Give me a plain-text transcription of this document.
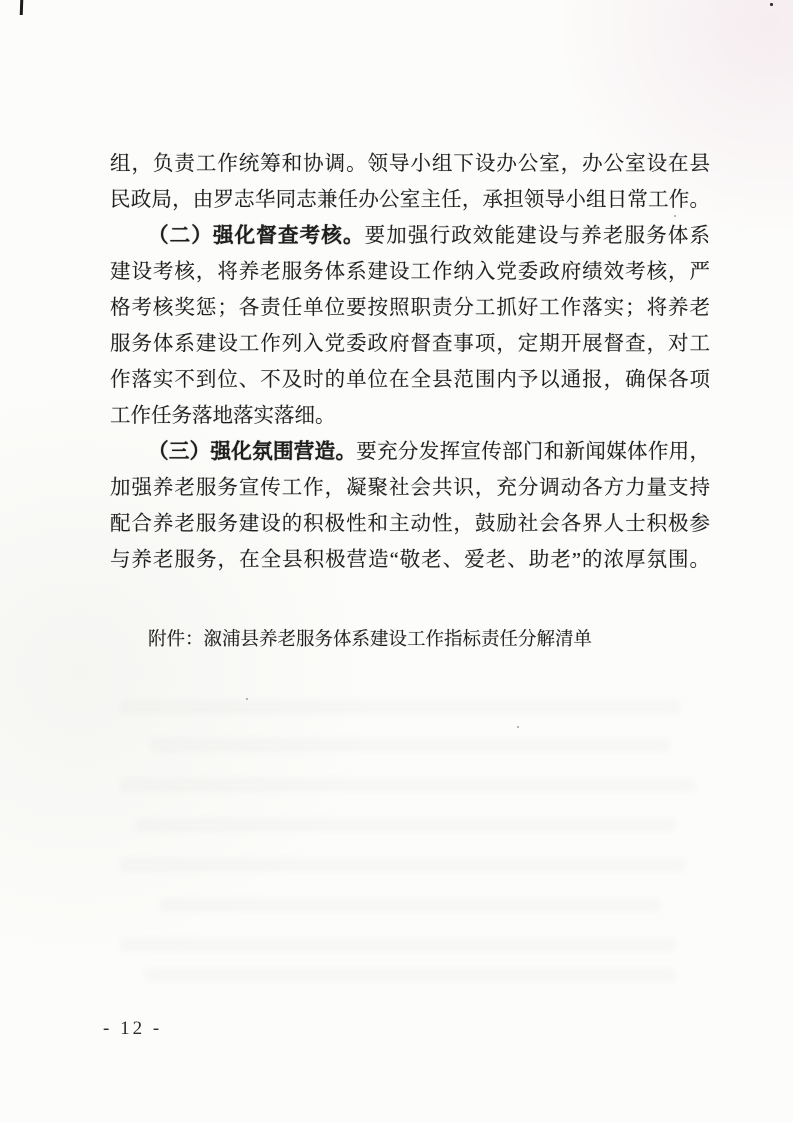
组，负责工作统筹和协调。领导小组下设办公室，办公室设在县
民政局，由罗志华同志兼任办公室主任，承担领导小组日常工作。
（二）强化督查考核。要加强行政效能建设与养老服务体系
建设考核，将养老服务体系建设工作纳入党委政府绩效考核，严
格考核奖惩；各责任单位要按照职责分工抓好工作落实；将养老
服务体系建设工作列入党委政府督查事项，定期开展督查，对工
作落实不到位、不及时的单位在全县范围内予以通报，确保各项
工作任务落地落实落细。
（三）强化氛围营造。要充分发挥宣传部门和新闻媒体作用，
加强养老服务宣传工作，凝聚社会共识，充分调动各方力量支持
配合养老服务建设的积极性和主动性，鼓励社会各界人士积极参
与养老服务，在全县积极营造“敬老、爱老、助老”的浓厚氛围。
附件：溆浦县养老服务体系建设工作指标责任分解清单
- 12 -
